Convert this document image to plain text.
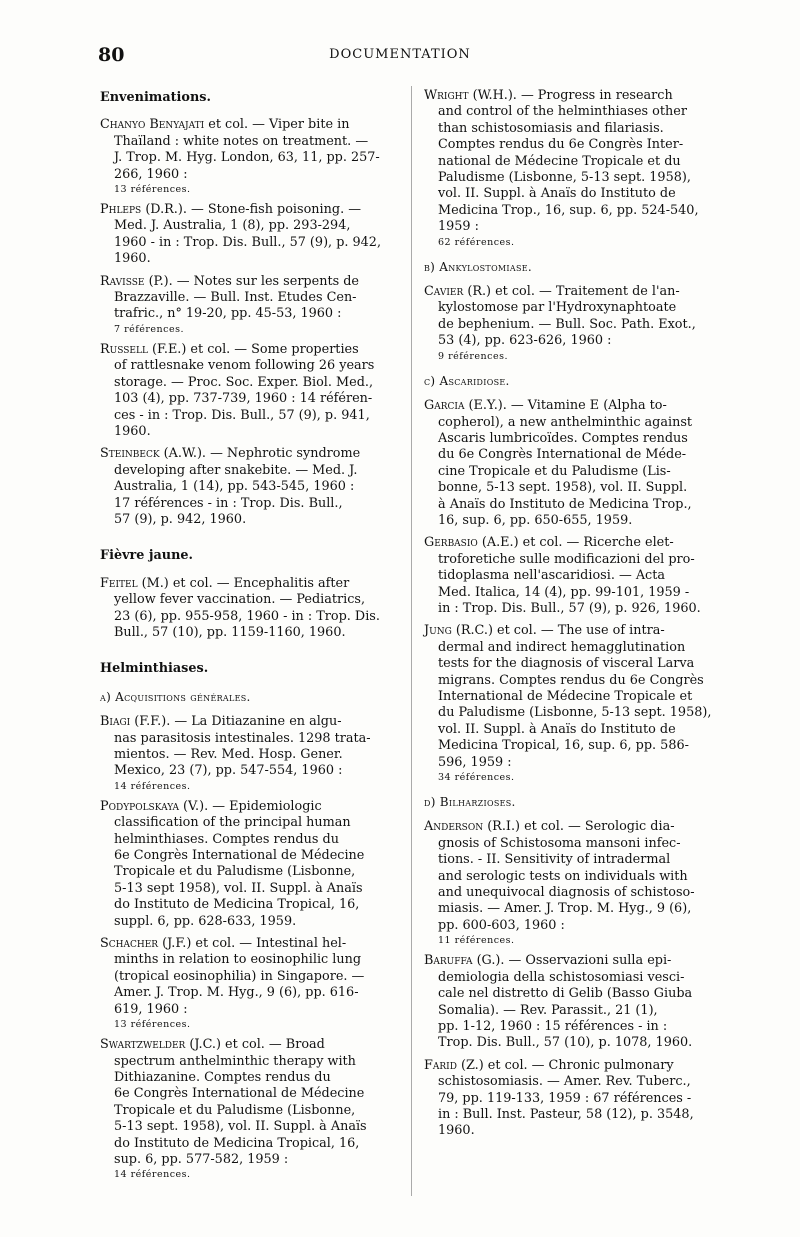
80	DOCUMENTATION
Envenimations.
Chanyo Benyajati et col. — Viper bite in
Thaïland : white notes on treatment. —
J. Trop. M. Hyg. London, 63, 11, pp. 257-
266, 1960 :
13 références.
Phleps (D.R.). — Stone-fish poisoning. —
Med. J. Australia, 1 (8), pp. 293-294,
1960 - in : Trop. Dis. Bull., 57 (9), p. 942,
1960.
Ravisse (P.). — Notes sur les serpents de
Brazzaville. — Bull. Inst. Etudes Cen-
trafric., n° 19-20, pp. 45-53, 1960 :
7 références.
Russell (F.E.) et col. — Some properties
of rattlesnake venom following 26 years
storage. — Proc. Soc. Exper. Biol. Med.,
103 (4), pp. 737-739, 1960 : 14 référen-
ces - in : Trop. Dis. Bull., 57 (9), p. 941,
1960.
Steinbeck (A.W.). — Nephrotic syndrome
developing after snakebite. — Med. J.
Australia, 1 (14), pp. 543-545, 1960 :
17 références - in : Trop. Dis. Bull.,
57 (9), p. 942, 1960.
Fièvre jaune.
Feitel (M.) et col. — Encephalitis after
yellow fever vaccination. — Pediatrics,
23 (6), pp. 955-958, 1960 - in : Trop. Dis.
Bull., 57 (10), pp. 1159-1160, 1960.
Helminthiases.
a) Acquisitions générales.
Biagi (F.F.). — La Ditiazanine en algu-
nas parasitosis intestinales. 1298 trata-
mientos. — Rev. Med. Hosp. Gener.
Mexico, 23 (7), pp. 547-554, 1960 :
14 références.
Podypolskaya (V.). — Epidemiologic
classification of the principal human
helminthiases. Comptes rendus du
6e Congrès International de Médecine
Tropicale et du Paludisme (Lisbonne,
5-13 sept 1958), vol. II. Suppl. à Anaïs
do Instituto de Medicina Tropical, 16,
suppl. 6, pp. 628-633, 1959.
Schacher (J.F.) et col. — Intestinal hel-
minths in relation to eosinophilic lung
(tropical eosinophilia) in Singapore. —
Amer. J. Trop. M. Hyg., 9 (6), pp. 616-
619, 1960 :
13 références.
Swartzwelder (J.C.) et col. — Broad
spectrum anthelminthic therapy with
Dithiazanine. Comptes rendus du
6e Congrès International de Médecine
Tropicale et du Paludisme (Lisbonne,
5-13 sept. 1958), vol. II. Suppl. à Anaïs
do Instituto de Medicina Tropical, 16,
sup. 6, pp. 577-582, 1959 :
14 références.
Wright (W.H.). — Progress in research
and control of the helminthiases other
than schistosomiasis and filariasis.
Comptes rendus du 6e Congrès Inter-
national de Médecine Tropicale et du
Paludisme (Lisbonne, 5-13 sept. 1958),
vol. II. Suppl. à Anaïs do Instituto de
Medicina Trop., 16, sup. 6, pp. 524-540,
1959 :
62 références.
b) Ankylostomiase.
Cavier (R.) et col. — Traitement de l'an-
kylostomose par l'Hydroxynaphtoate
de bephenium. — Bull. Soc. Path. Exot.,
53 (4), pp. 623-626, 1960 :
9 références.
c) Ascaridiose.
Garcia (E.Y.). — Vitamine E (Alpha to-
copherol), a new anthelminthic against
Ascaris lumbricoïdes. Comptes rendus
du 6e Congrès International de Méde-
cine Tropicale et du Paludisme (Lis-
bonne, 5-13 sept. 1958), vol. II. Suppl.
à Anaïs do Instituto de Medicina Trop.,
16, sup. 6, pp. 650-655, 1959.
Gerbasio (A.E.) et col. — Ricerche elet-
troforetiche sulle modificazioni del pro-
tidoplasma nell'ascaridiosi. — Acta
Med. Italica, 14 (4), pp. 99-101, 1959 -
in : Trop. Dis. Bull., 57 (9), p. 926, 1960.
Jung (R.C.) et col. — The use of intra-
dermal and indirect hemagglutination
tests for the diagnosis of visceral Larva
migrans. Comptes rendus du 6e Congrès
International de Médecine Tropicale et
du Paludisme (Lisbonne, 5-13 sept. 1958),
vol. II. Suppl. à Anaïs do Instituto de
Medicina Tropical, 16, sup. 6, pp. 586-
596, 1959 :
34 références.
d) Bilharzioses.
Anderson (R.I.) et col. — Serologic dia-
gnosis of Schistosoma mansoni infec-
tions. - II. Sensitivity of intradermal
and serologic tests on individuals with
and unequivocal diagnosis of schistoso-
miasis. — Amer. J. Trop. M. Hyg., 9 (6),
pp. 600-603, 1960 :
11 références.
Baruffa (G.). — Osservazioni sulla epi-
demiologia della schistosomiasi vesci-
cale nel distretto di Gelib (Basso Giuba
Somalia). — Rev. Parassit., 21 (1),
pp. 1-12, 1960 : 15 références - in :
Trop. Dis. Bull., 57 (10), p. 1078, 1960.
Farid (Z.) et col. — Chronic pulmonary
schistosomiasis. — Amer. Rev. Tuberc.,
79, pp. 119-133, 1959 : 67 références -
in : Bull. Inst. Pasteur, 58 (12), p. 3548,
1960.
